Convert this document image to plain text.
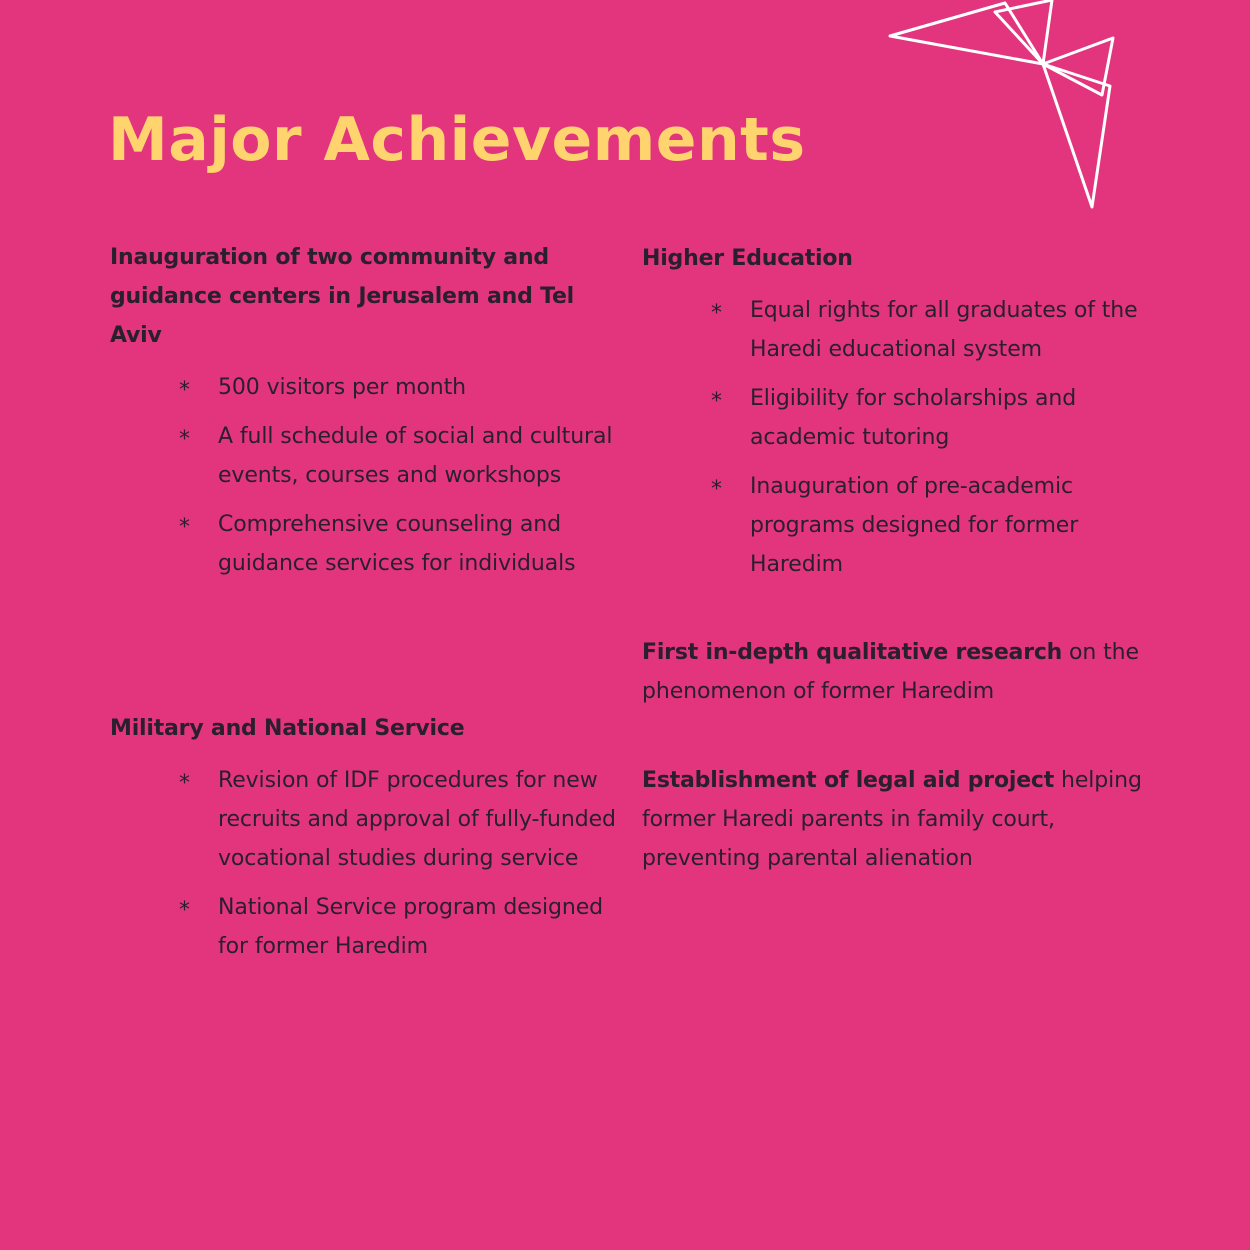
Major Achievements
Inauguration of two community and guidance centers in Jerusalem and Tel Aviv
* 500 visitors per month
* A full schedule of social and cultural events, courses and workshops
* Comprehensive counseling and guidance services for individuals
Military and National Service
* Revision of IDF procedures for new recruits and approval of fully-funded vocational studies during service
* National Service program designed for former Haredim
Higher Education
* Equal rights for all graduates of the Haredi educational system
* Eligibility for scholarships and academic tutoring
* Inauguration of pre-academic programs designed for former Haredim

First in-depth qualitative research on the phenomenon of former Haredim

Establishment of legal aid project helping former Haredi parents in family court, preventing parental alienation
